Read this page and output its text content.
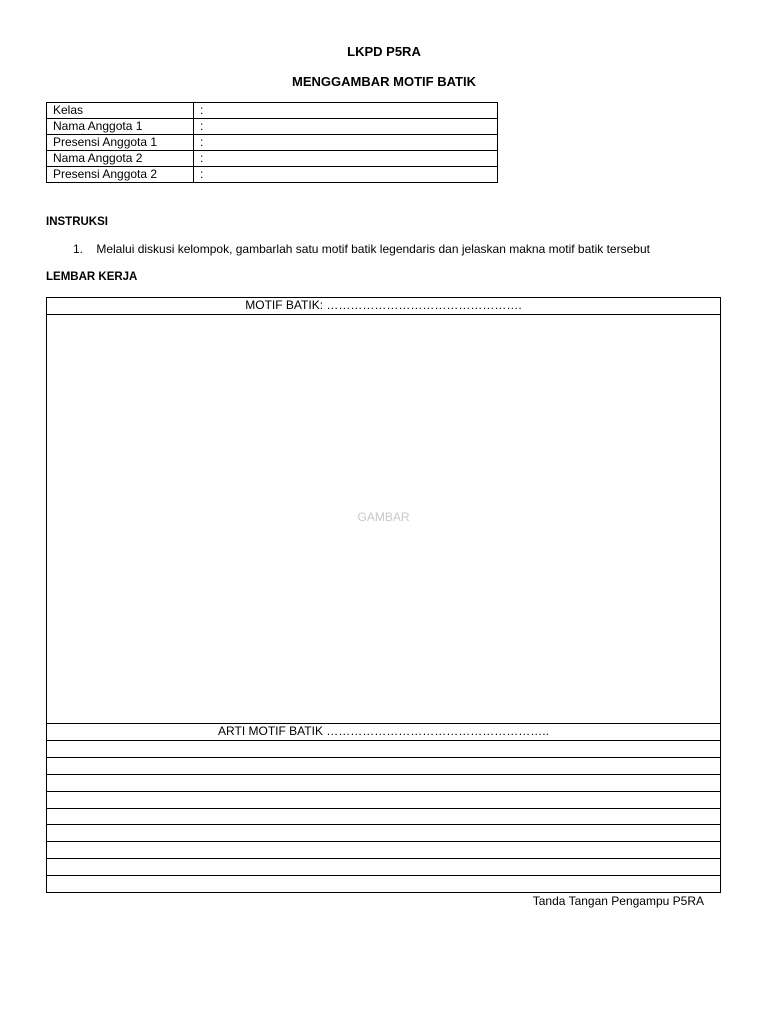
LKPD P5RA
MENGGAMBAR MOTIF BATIK
Kelas	:
Nama Anggota 1	:
Presensi Anggota 1	:
Nama Anggota 2	:
Presensi Anggota 2	:
INSTRUKSI
1. Melalui diskusi kelompok, gambarlah satu motif batik legendaris dan jelaskan makna motif batik tersebut
LEMBAR KERJA
MOTIF BATIK: ………………………………………….
GAMBAR
ARTI MOTIF BATIK ………………………………………………..
Tanda Tangan Pengampu P5RA
